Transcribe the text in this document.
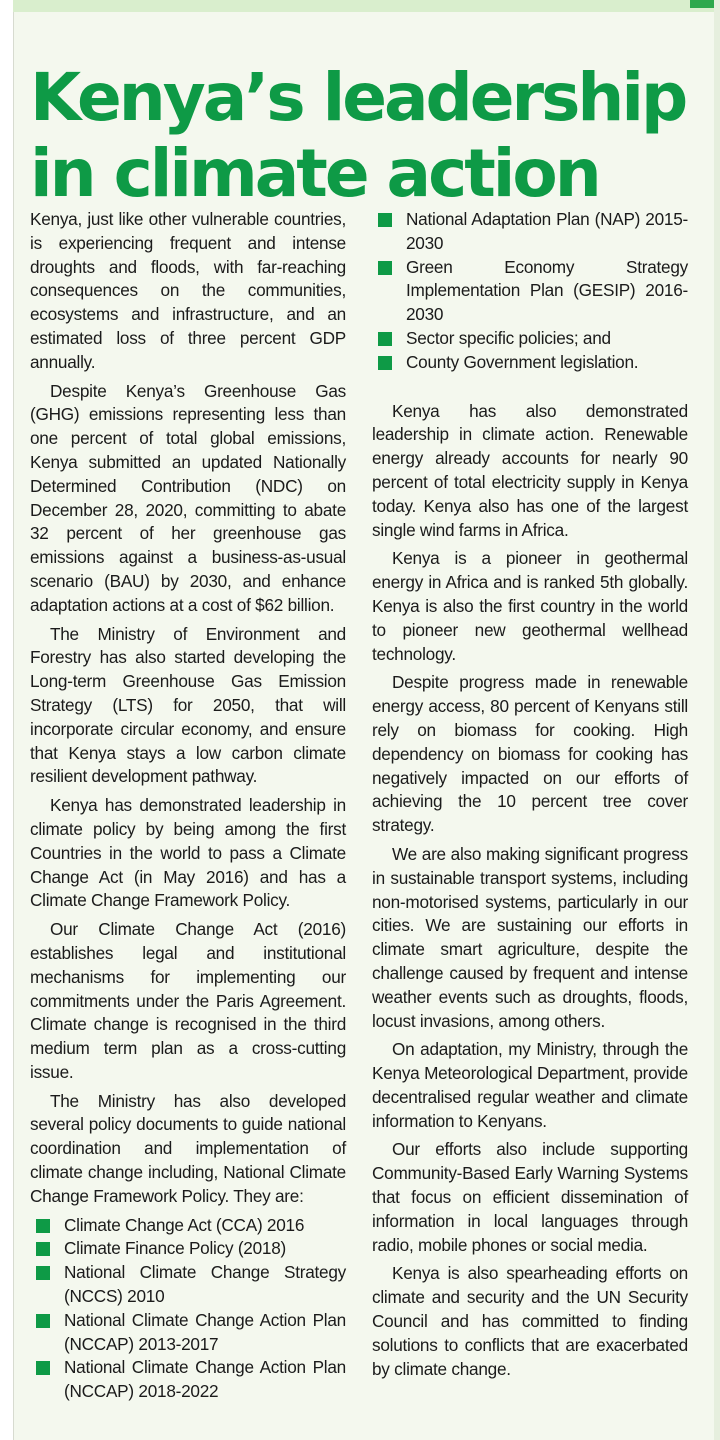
Kenya’s leadership in climate action

Kenya, just like other vulnerable countries, is experiencing frequent and intense droughts and floods, with far-reaching consequences on the communities, ecosystems and infrastructure, and an estimated loss of three percent GDP annually.

Despite Kenya’s Greenhouse Gas (GHG) emissions representing less than one percent of total global emissions, Kenya submitted an updated Nationally Determined Contribution (NDC) on December 28, 2020, committing to abate 32 percent of her greenhouse gas emissions against a business-as-usual scenario (BAU) by 2030, and enhance adaptation actions at a cost of $62 billion.

The Ministry of Environment and Forestry has also started developing the Long-term Greenhouse Gas Emission Strategy (LTS) for 2050, that will incorporate circular economy, and ensure that Kenya stays a low carbon climate resilient development pathway.

Kenya has demonstrated leadership in climate policy by being among the first Countries in the world to pass a Climate Change Act (in May 2016) and has a Climate Change Framework Policy.

Our Climate Change Act (2016) establishes legal and institutional mechanisms for implementing our commitments under the Paris Agreement. Climate change is recognised in the third medium term plan as a cross-cutting issue.

The Ministry has also developed several policy documents to guide national coordination and implementation of climate change including, National Climate Change Framework Policy. They are:

Climate Change Act (CCA) 2016
Climate Finance Policy (2018)
National Climate Change Strategy (NCCS) 2010
National Climate Change Action Plan (NCCAP) 2013-2017
National Climate Change Action Plan (NCCAP) 2018-2022
National Adaptation Plan (NAP) 2015-2030
Green Economy Strategy Implementation Plan (GESIP) 2016-2030
Sector specific policies; and
County Government legislation.

Kenya has also demonstrated leadership in climate action. Renewable energy already accounts for nearly 90 percent of total electricity supply in Kenya today. Kenya also has one of the largest single wind farms in Africa.

Kenya is a pioneer in geothermal energy in Africa and is ranked 5th globally. Kenya is also the first country in the world to pioneer new geothermal wellhead technology.

Despite progress made in renewable energy access, 80 percent of Kenyans still rely on biomass for cooking. High dependency on biomass for cooking has negatively impacted on our efforts of achieving the 10 percent tree cover strategy.

We are also making significant progress in sustainable transport systems, including non-motorised systems, particularly in our cities. We are sustaining our efforts in climate smart agriculture, despite the challenge caused by frequent and intense weather events such as droughts, floods, locust invasions, among others.

On adaptation, my Ministry, through the Kenya Meteorological Department, provide decentralised regular weather and climate information to Kenyans.

Our efforts also include supporting Community-Based Early Warning Systems that focus on efficient dissemination of information in local languages through radio, mobile phones or social media.

Kenya is also spearheading efforts on climate and security and the UN Security Council and has committed to finding solutions to conflicts that are exacerbated by climate change.
